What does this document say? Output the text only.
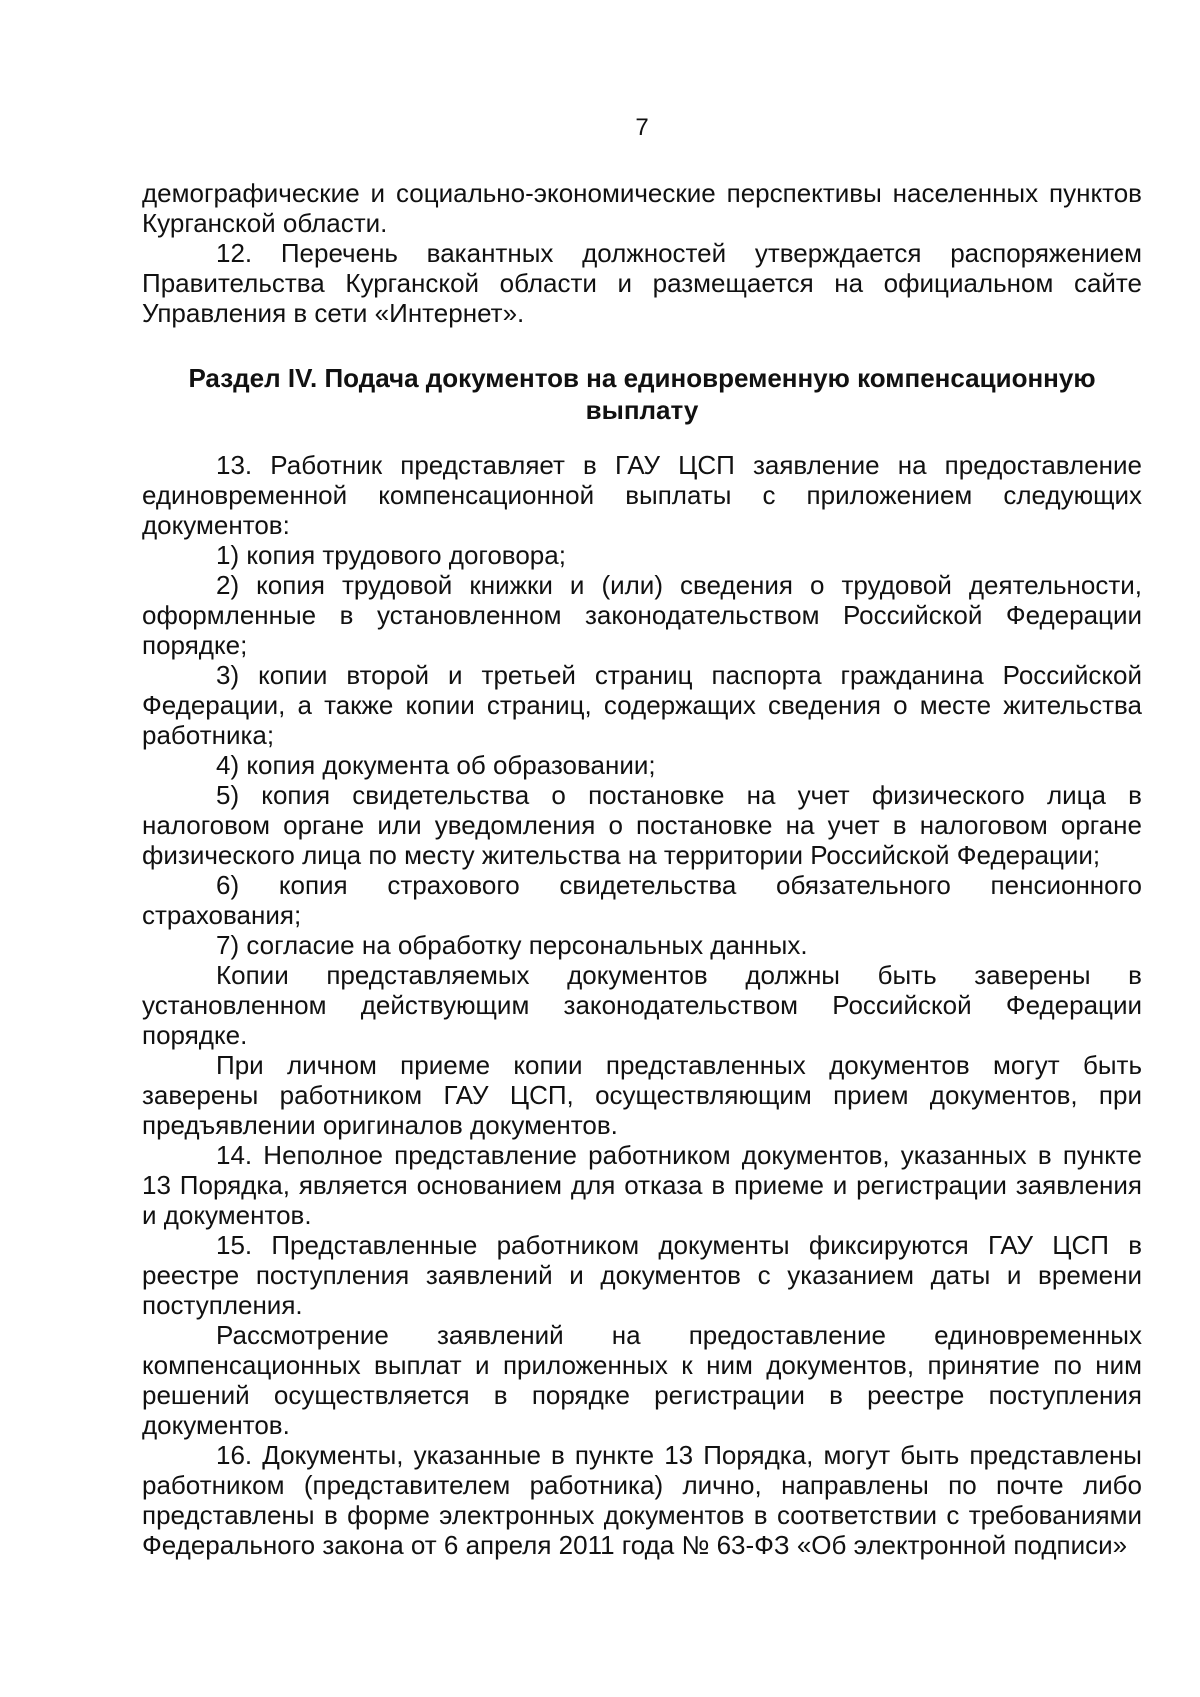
7

демографические и социально-экономические перспективы населенных пунктов Курганской области.

12. Перечень вакантных должностей утверждается распоряжением Правительства Курганской области и размещается на официальном сайте Управления в сети «Интернет».

Раздел IV. Подача документов на единовременную компенсационную
выплату

13. Работник представляет в ГАУ ЦСП заявление на предоставление единовременной компенсационной выплаты с приложением следующих документов:

1) копия трудового договора;

2) копия трудовой книжки и (или) сведения о трудовой деятельности, оформленные в установленном законодательством Российской Федерации порядке;

3) копии второй и третьей страниц паспорта гражданина Российской Федерации, а также копии страниц, содержащих сведения о месте жительства работника;

4) копия документа об образовании;

5) копия свидетельства о постановке на учет физического лица в налоговом органе или уведомления о постановке на учет в налоговом органе физического лица по месту жительства на территории Российской Федерации;

6) копия страхового свидетельства обязательного пенсионного страхования;

7) согласие на обработку персональных данных.

Копии представляемых документов должны быть заверены в установленном действующим законодательством Российской Федерации порядке.

При личном приеме копии представленных документов могут быть заверены работником ГАУ ЦСП, осуществляющим прием документов, при предъявлении оригиналов документов.

14. Неполное представление работником документов, указанных в пункте 13 Порядка, является основанием для отказа в приеме и регистрации заявления и документов.

15. Представленные работником документы фиксируются ГАУ ЦСП в реестре поступления заявлений и документов с указанием даты и времени поступления.

Рассмотрение заявлений на предоставление единовременных компенсационных выплат и приложенных к ним документов, принятие по ним решений осуществляется в порядке регистрации в реестре поступления документов.

16. Документы, указанные в пункте 13 Порядка, могут быть представлены работником (представителем работника) лично, направлены по почте либо представлены в форме электронных документов в соответствии с требованиями Федерального закона от 6 апреля 2011 года № 63-ФЗ «Об электронной подписи»
